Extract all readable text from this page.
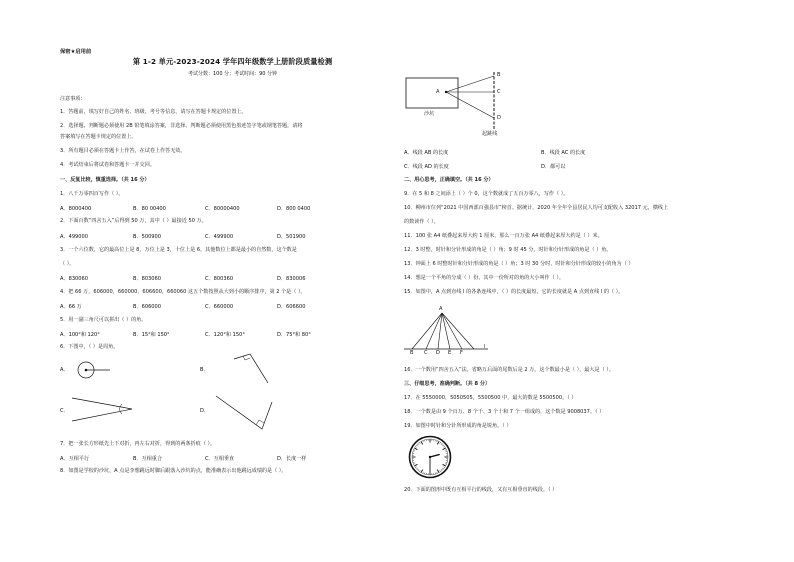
保密★启用前
第 1-2 单元-2023-2024 学年四年级数学上册阶段质量检测
考试分数：100 分；考试时间：90 分钟
注意事项：
1．答题前，填写好自己的姓名、班级、考号等信息，请写在答题卡规定的位置上。
2．选择题、判断题必须使用 2B 铅笔填涂答案，非选择、判断题必须使用黑色墨迹签字笔或钢笔答题，请将
答案填写在答题卡规定的位置上。
3．所有题目必须在答题卡上作答，在试卷上作答无效。
4．考试结束后将试卷和答题卡一并交回。
一、反复比较，慎重选择。（共 16 分）
1．八千万零四百写作（ ）。
A．8000400	B．80 00400	C．80000400	D．800 0400
2．下面百数“四舍五入”后得到 50 万，其中（ ）最接近 50 万。
A．499000	B．500900	C．499900	D．501900
3．一个六位数，它的最高位上是 8，万位上是 3，十位上是 6，其他数位上都是最小的自然数，这个数是
（ ）。
A．830060	B．803060	C．800360	D．830006
4．把 66 万，606000，660000，606600，660060 这五个数按照从大到小的顺序排序，第 2 个是（ ）。
A．66 万	B．606000	C．660000	D．606600
5．用一副三角尺可以拼出（ ）的角。
A．100°和 120°	B．15°和 150°	C．120°和 150°	D．75°和 80°
6．下图中，（ ）是周角。
A．	B．
C．	D．
7．把一张长方形纸先上下对折，再左右对折，得到的两条折痕（ ）。
A．互相平行	B．互相重合	C．互相垂直	D．长度一样
8．如图是学校的沙坑，A 点是李想跳远时脚后跟落入沙坑的点，能准确表示出他跳远成绩的是（ ）。
A
B
C
D
沙坑
起跳线
A．线段 AB 的长度	B．线段 AC 的长度
C．线段 AD 的长度	D．都可以
二、用心思考，正确填空。（共 16 分）
9．在 5 和 8 之间添上（ ）个 0，这个数就成了五百万零八，写作（ ）。
10．柳州市位列“2021 中国西部百强县市”榜首。据统计，2020 年全年全县居民人均可支配收入 32017 元，横线上
的数读作（ ）。
11．100 张 A4 纸叠起来厚大约 1 厘米，那么一百万张 A4 纸叠起来厚大约是（ ）米。
12．3 时整，时针和分针形成的角是（ ）角；9 时 45 分，时针和分针形成的角是（ ）角。
13．钟面上 6 时整时针和分针形成的角是（ ）角；3 时 30 分时，时针和分针形成的较小的角为（ ）
14．想是一个平角的分成（ ）份，其中一份所对的角的大小叫作（ ）。
15．如图中，A 点到直线 l 的各条连线中，（ ）的长度最短，它的长度就是 A 点到直线 l 的（ ）。
A
B C D E F
l
16．一个数用“四舍五入”法，省略万后面的尾数后是 2 万，这个数最小是（ ），最大是（ ）。
三、仔细思考，准确判断。（共 8 分）
17．在 5550000，5050505，5500500 中，最大的数是 5500500。（ ）
18．一个数是由 9 个百万、8 个千、3 个十和 7 个一组成的，这个数是 9008037。（ ）
19．如图中时针和分针所形成的角是锐角。（ ）
20．下面的图形中既有互相平行的线段，又有互相垂直的线段。（ ）
